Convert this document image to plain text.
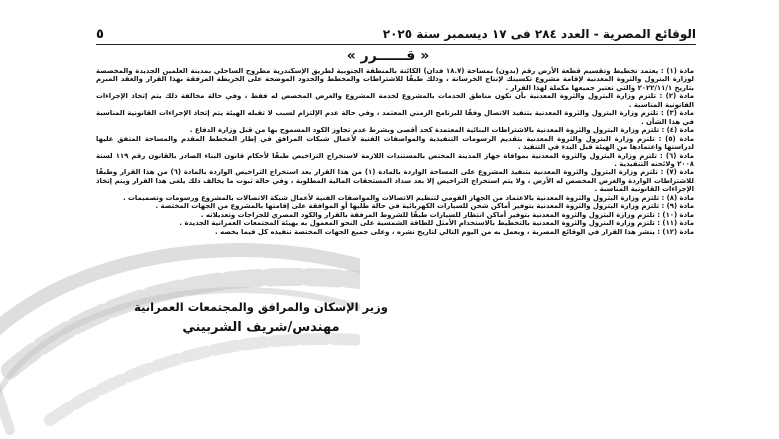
الوقائع المصرية - العدد ٢٨٤ فى ١٧ ديسمبر سنة ٢٠٢٥
٥
« قــــــرر »

مادة (١) : يعتمد تخطيط وتقسيم قطعة الأرض رقم (بدون) بمساحة (١٨.٧ فدان) الكائنة بالمنطقة الجنوبية لطريق الإسكندرية مطروح الساحلي بمدينة العلمين الجديدة والمخصصة لوزارة البترول والثروة المعدنية لإقامة مشروع تكسينك لإنتاج الخرسانة ، وذلك طبقًا للاشتراطات والمخطط والحدود الموضحة على الخريطة المرفقة بهذا القرار والعقد المبرم بتاريخ ٢٠٢٢/١١/١ والتي تعتبر جميعها مكملة لهذا القرار .

مادة (٢) : تلتزم وزارة البترول والثروة المعدنية بأن تكون مناطق الخدمات بالمشروع لخدمة المشروع والغرض المخصص له فقط ، وفي حالة مخالفة ذلك يتم إتخاذ الإجراءات القانونية المناسبة .

مادة (٣) : تلتزم وزارة البترول والثروة المعدنية بتنفيذ الاتصال وفقًا للبرنامج الزمني المعتمد ، وفي حالة عدم الإلتزام لسبب لا تقبله الهيئة يتم إتخاذ الإجراءات القانونية المناسبة في هذا الشأن .

مادة (٤) : تلتزم وزارة البترول والثروة المعدنية بالاشتراطات البنائية المعتمدة كحد أقصى وبشرط عدم تجاوز الكود المسموح بها من قبل وزارة الدفاع .

مادة (٥) : تلتزم وزارة البترول والثروة المعدنية بتقديم الرسومات التنفيذية والمواصفات الفنية لأعمال شبكات المرافق في إطار المخطط المقدم والمساحة المتفق عليها لدراستها واعتمادها من الهيئة قبل البدء في التنفيذ .

مادة (٦) : تلتزم وزارة البترول والثروة المعدنية بموافاة جهاز المدينة المختص بالمستندات اللازمة لاستخراج التراخيص طبقًا لأحكام قانون البناء الصادر بالقانون رقم ١١٩ لسنة ٢٠٠٨ ولائحته التنفيذية .

مادة (٧) : تلتزم وزارة البترول والثروة المعدنية بتنفيذ المشروع على المساحة الواردة بالمادة (١) من هذا القرار بعد استخراج التراخيص الواردة بالمادة (٦) من هذا القرار وطبقًا للاشتراطات الواردة والغرض المخصص له الأرض ، ولا يتم استخراج التراخيص إلا بعد سداد المستحقات المالية المطلوبة ، وفي حالة ثبوت ما يخالف ذلك يلغى هذا القرار ويتم إتخاذ الإجراءات القانونية المناسبة .

مادة (٨) : تلتزم وزارة البترول والثروة المعدنية بالاعتماد من الجهاز القومي لتنظيم الاتصالات والمواصفات الفنية لأعمال شبكة الاتصالات بالمشروع ورسومات وتصميمات .

مادة (٩) : تلتزم وزارة البترول والثروة المعدنية بتوفير أماكن شحن للسيارات الكهربائية في حالة طلبها أو الموافقة على إقامتها بالمشروع من الجهات المختصة .

مادة (١٠) : تلتزم وزارة البترول والثروة المعدنية بتوفير أماكن انتظار للسيارات طبقًا للشروط المرفقة بالقرار والكود المصري للجراجات وتعديلاته .

مادة (١١) : تلتزم وزارة البترول والثروة المعدنية بالتخطيط بالاستخدام الأمثل للطاقة الشمسية على النحو المعمول به بهيئة المجتمعات العمرانية الجديدة .

مادة (١٢) : ينشر هذا القرار في الوقائع المصرية ، ويعمل به من اليوم التالي لتاريخ نشره ، وعلى جميع الجهات المختصة تنفيذه كل فيما يخصه .

وزير الإسكان والمرافق والمجتمعات العمرانية
مهندس/شريف الشربيني
